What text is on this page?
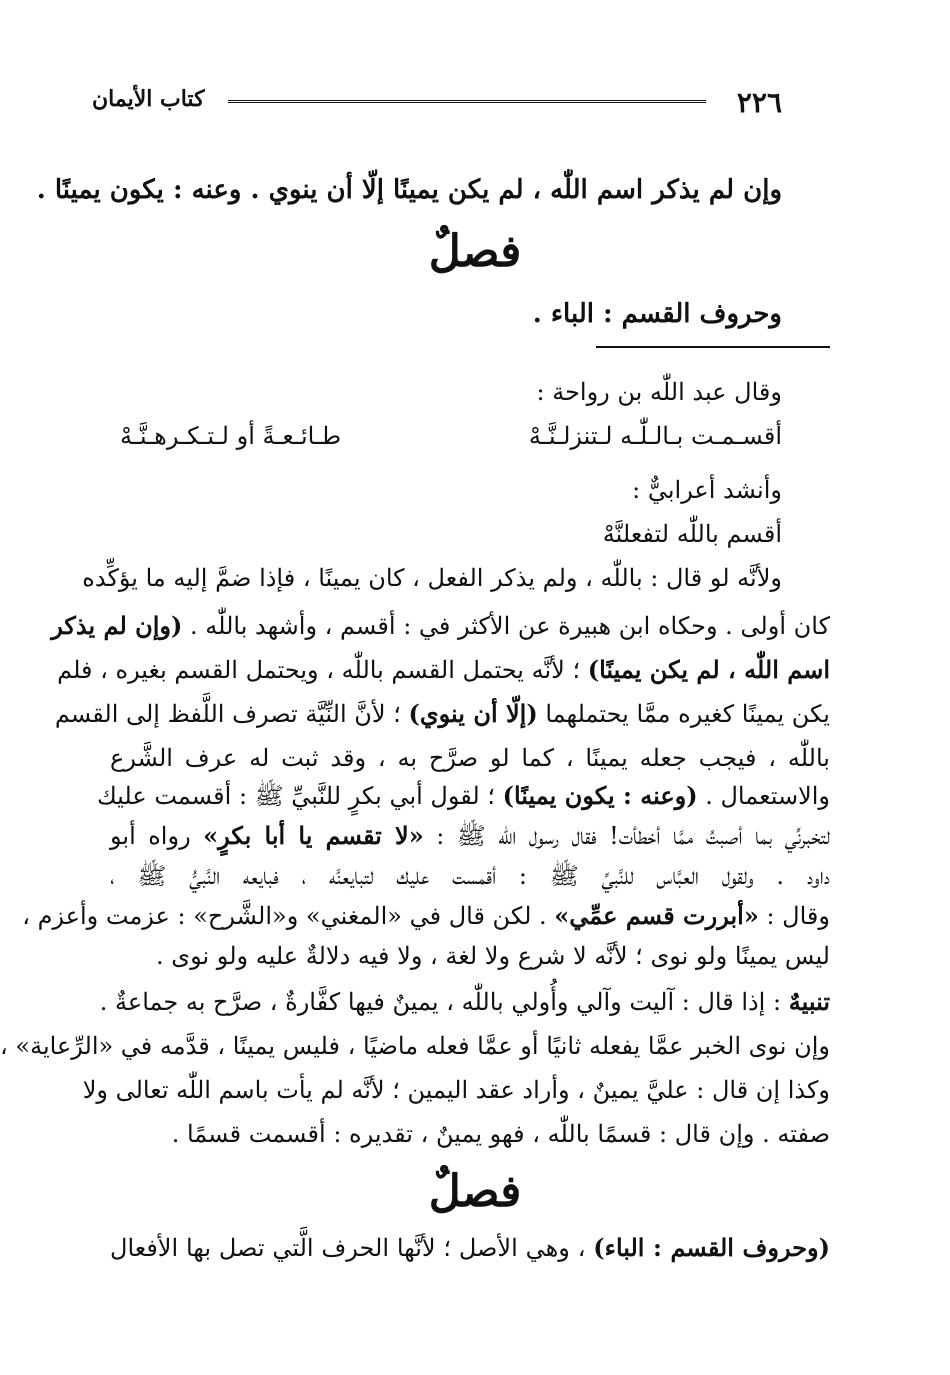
٢٢٦
كتاب الأيمان
وإن لم يذكر اسم اللّٰه ، لم يكن يمينًا إلّا أن ينوي . وعنه : يكون يمينًا .
فصلٌ
وحروف القسم : الباء .
وقال عبد اللّٰه بن رواحة :
أقسـمـت بـالـلّٰـه لـتنزلـنَّـهْ
طـائـعـةً أو لـتـكـرهـنَّـهْ
وأنشد أعرابيٌّ :
أقسم باللّٰه لتفعلنَّهْ
ولأنَّه لو قال : باللّٰه ، ولم يذكر الفعل ، كان يمينًا ، فإذا ضمَّ إليه ما يؤكِّده
كان أولى . وحكاه ابن هبيرة عن الأكثر في : أقسم ، وأشهد باللّٰه . (وإن لم يذكر
اسم اللّٰه ، لم يكن يمينًا) ؛ لأنَّه يحتمل القسم باللّٰه ، ويحتمل القسم بغيره ، فلم
يكن يمينًا كغيره ممَّا يحتملهما (إلّا أن ينوي) ؛ لأنَّ النِّيَّة تصرف اللَّفظ إلى القسم
باللّٰه ، فيجب جعله يمينًا ، كما لو صرَّح به ، وقد ثبت له عرف الشَّرع
والاستعمال . (وعنه : يكون يمينًا) ؛ لقول أبي بكرٍ للنَّبيِّ ﷺ : أقسمت عليك
لتخبرنِّي بما أصبتُ ممَّا أخطأت! فقال رسول اللّٰه ﷺ : «لا تقسم يا أبا بكرٍ» رواه أبو
داود . ولقول العبَّاس للنَّبيِّ ﷺ : أقمست عليك لتبايعنَّه ، فبايعه النَّبيُّ ﷺ ،
وقال : «أبررت قسم عمِّي» . لكن قال في «المغني» و«الشَّرح» : عزمت وأعزم ،
ليس يمينًا ولو نوى ؛ لأنَّه لا شرع ولا لغة ، ولا فيه دلالةٌ عليه ولو نوى .
تنبيهٌ : إذا قال : آليت وآلي وأُولي باللّٰه ، يمينٌ فيها كفَّارةٌ ، صرَّح به جماعةٌ .
وإن نوى الخبر عمَّا يفعله ثانيًا أو عمَّا فعله ماضيًا ، فليس يمينًا ، قدَّمه في «الرِّعاية» ،
وكذا إن قال : عليَّ يمينٌ ، وأراد عقد اليمين ؛ لأنَّه لم يأت باسم اللّٰه تعالى ولا
صفته . وإن قال : قسمًا باللّٰه ، فهو يمينٌ ، تقديره : أقسمت قسمًا .
فصلٌ
(وحروف القسم : الباء) ، وهي الأصل ؛ لأنَّها الحرف الَّتي تصل بها الأفعال
